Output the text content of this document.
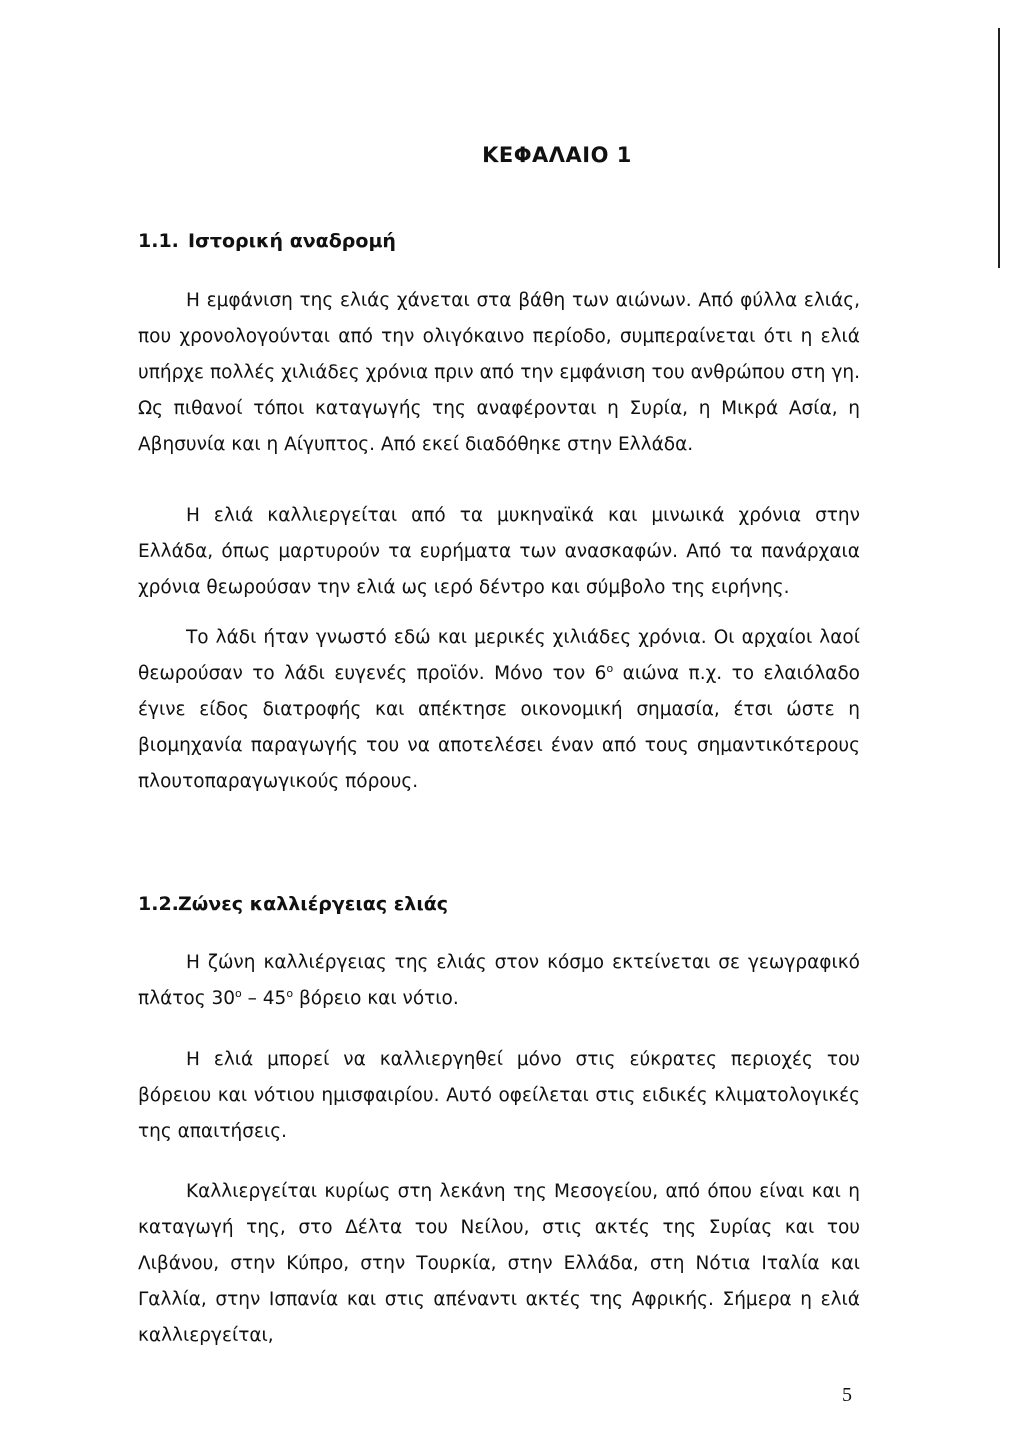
ΚΕΦΑΛΑΙΟ 1
1.1. Ιστορική αναδρομή

Η εμφάνιση της ελιάς χάνεται στα βάθη των αιώνων. Από φύλλα ελιάς, που χρονολογούνται από την ολιγόκαινο περίοδο, συμπεραίνεται ότι η ελιά υπήρχε πολλές χιλιάδες χρόνια πριν από την εμφάνιση του ανθρώπου στη γη. Ως πιθανοί τόποι καταγωγής της αναφέρονται η Συρία, η Μικρά Ασία, η Αβησυνία και η Αίγυπτος. Από εκεί διαδόθηκε στην Ελλάδα.

Η ελιά καλλιεργείται από τα μυκηναϊκά και μινωικά χρόνια στην Ελλάδα, όπως μαρτυρούν τα ευρήματα των ανασκαφών. Από τα πανάρχαια χρόνια θεωρούσαν την ελιά ως ιερό δέντρο και σύμβολο της ειρήνης.

Το λάδι ήταν γνωστό εδώ και μερικές χιλιάδες χρόνια. Οι αρχαίοι λαοί θεωρούσαν το λάδι ευγενές προϊόν. Μόνο τον $6^o$ αιώνα π.χ. το ελαιόλαδο έγινε είδος διατροφής και απέκτησε οικονομική σημασία, έτσι ώστε η βιομηχανία παραγωγής του να αποτελέσει έναν από τους σημαντικότερους πλουτοπαραγωγικούς πόρους.

1.2.Ζώνες καλλιέργειας ελιάς

Η ζώνη καλλιέργειας της ελιάς στον κόσμο εκτείνεται σε γεωγραφικό πλάτος $30^o - 45^o$ βόρειο και νότιο.

Η ελιά μπορεί να καλλιεργηθεί μόνο στις εύκρατες περιοχές του βόρειου και νότιου ημισφαιρίου. Αυτό οφείλεται στις ειδικές κλιματολογικές της απαιτήσεις.

Καλλιεργείται κυρίως στη λεκάνη της Μεσογείου, από όπου είναι και η καταγωγή της, στο Δέλτα του Νείλου, στις ακτές της Συρίας και του Λιβάνου, στην Κύπρο, στην Τουρκία, στην Ελλάδα, στη Νότια Ιταλία και Γαλλία, στην Ισπανία και στις απέναντι ακτές της Αφρικής. Σήμερα η ελιά καλλιεργείται,

5
